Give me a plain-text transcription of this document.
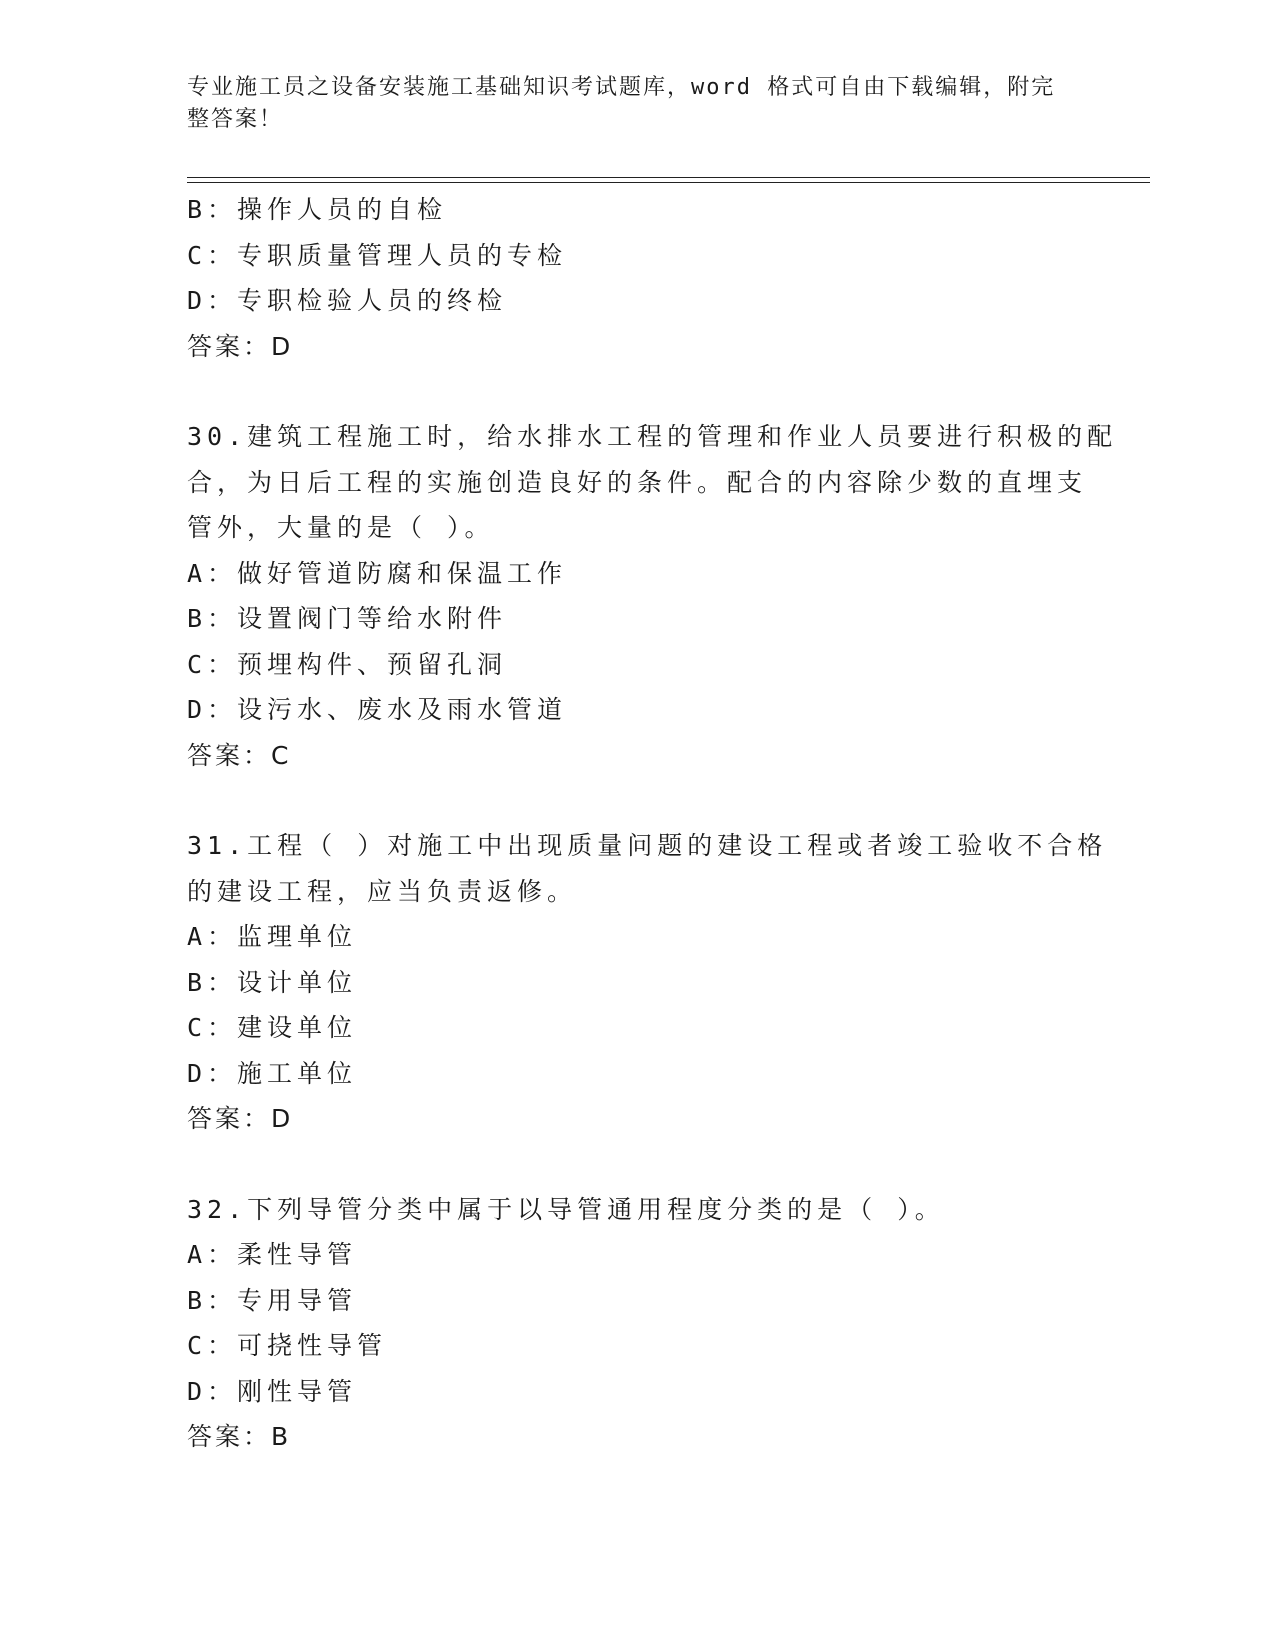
专业施工员之设备安装施工基础知识考试题库，word 格式可自由下载编辑，附完整答案！
B：操作人员的自检
C：专职质量管理人员的专检
D：专职检验人员的终检
答案：D
30.建筑工程施工时，给水排水工程的管理和作业人员要进行积极的配
合，为日后工程的实施创造良好的条件。配合的内容除少数的直埋支
管外，大量的是（ ）。
A：做好管道防腐和保温工作
B：设置阀门等给水附件
C：预埋构件、预留孔洞
D：设污水、废水及雨水管道
答案：C
31.工程（ ）对施工中出现质量问题的建设工程或者竣工验收不合格
的建设工程，应当负责返修。
A：监理单位
B：设计单位
C：建设单位
D：施工单位
答案：D
32.下列导管分类中属于以导管通用程度分类的是（ ）。
A：柔性导管
B：专用导管
C：可挠性导管
D：刚性导管
答案：B
